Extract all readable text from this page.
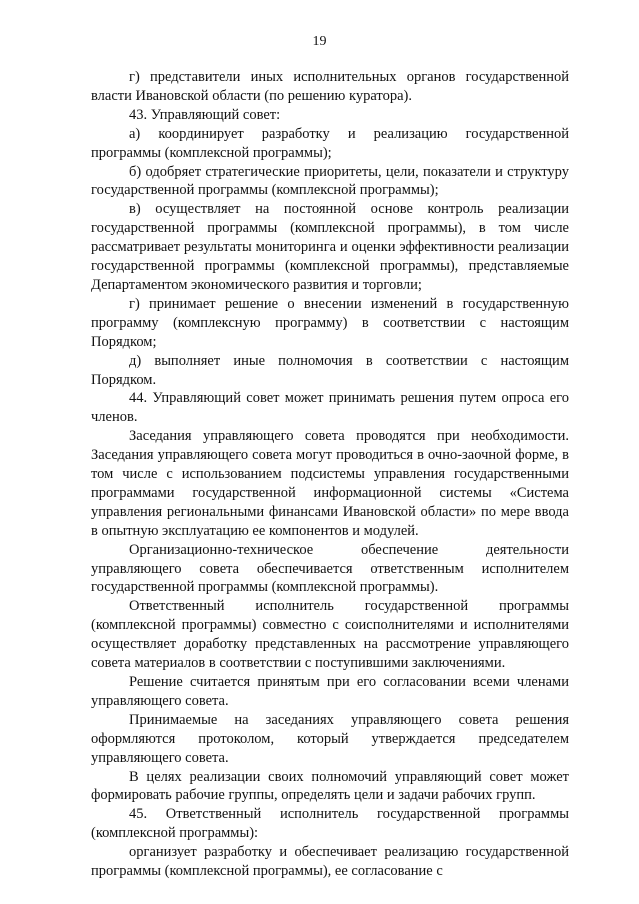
19

г) представители иных исполнительных органов государственной власти Ивановской области (по решению куратора).

43. Управляющий совет:

а) координирует разработку и реализацию государственной программы (комплексной программы);

б) одобряет стратегические приоритеты, цели, показатели и структуру государственной программы (комплексной программы);

в) осуществляет на постоянной основе контроль реализации государственной программы (комплексной программы), в том числе рассматривает результаты мониторинга и оценки эффективности реализации государственной программы (комплексной программы), представляемые Департаментом экономического развития и торговли;

г) принимает решение о внесении изменений в государственную программу (комплексную программу) в соответствии с настоящим Порядком;

д) выполняет иные полномочия в соответствии с настоящим Порядком.

44. Управляющий совет может принимать решения путем опроса его членов.

Заседания управляющего совета проводятся при необходимости. Заседания управляющего совета могут проводиться в очно-заочной форме, в том числе с использованием подсистемы управления государственными программами государственной информационной системы «Система управления региональными финансами Ивановской области» по мере ввода в опытную эксплуатацию ее компонентов и модулей.

Организационно-техническое обеспечение деятельности управляющего совета обеспечивается ответственным исполнителем государственной программы (комплексной программы).

Ответственный исполнитель государственной программы (комплексной программы) совместно с соисполнителями и исполнителями осуществляет доработку представленных на рассмотрение управляющего совета материалов в соответствии с поступившими заключениями.

Решение считается принятым при его согласовании всеми членами управляющего совета.

Принимаемые на заседаниях управляющего совета решения оформляются протоколом, который утверждается председателем управляющего совета.

В целях реализации своих полномочий управляющий совет может формировать рабочие группы, определять цели и задачи рабочих групп.

45. Ответственный исполнитель государственной программы (комплексной программы):

организует разработку и обеспечивает реализацию государственной программы (комплексной программы), ее согласование с
